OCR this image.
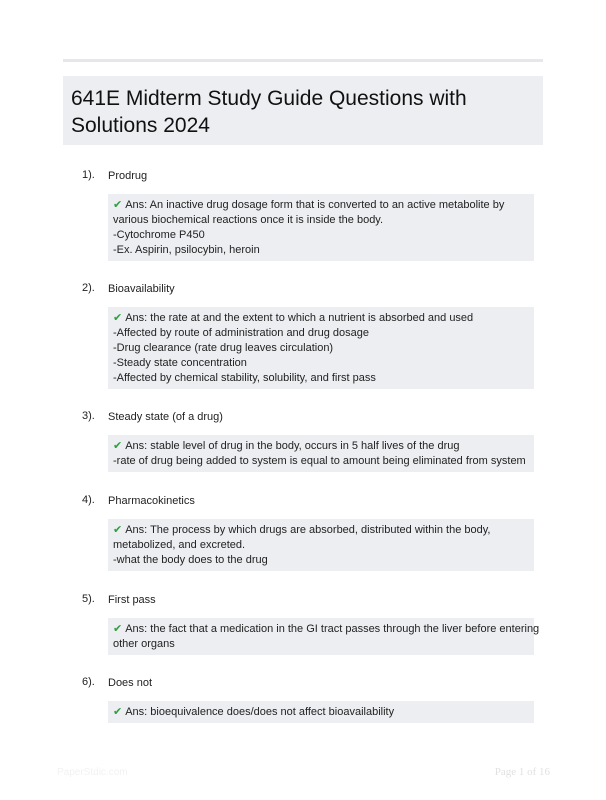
641E Midterm Study Guide Questions with
Solutions 2024
1). Prodrug
✔ Ans: An inactive drug dosage form that is converted to an active metabolite by
various biochemical reactions once it is inside the body.
-Cytochrome P450
-Ex. Aspirin, psilocybin, heroin
2). Bioavailability
✔ Ans: the rate at and the extent to which a nutrient is absorbed and used
-Affected by route of administration and drug dosage
-Drug clearance (rate drug leaves circulation)
-Steady state concentration
-Affected by chemical stability, solubility, and first pass
3). Steady state (of a drug)
✔ Ans: stable level of drug in the body, occurs in 5 half lives of the drug
-rate of drug being added to system is equal to amount being eliminated from system
4). Pharmacokinetics
✔ Ans: The process by which drugs are absorbed, distributed within the body,
metabolized, and excreted.
-what the body does to the drug
5). First pass
✔ Ans: the fact that a medication in the GI tract passes through the liver before entering
other organs
6). Does not
✔ Ans: bioequivalence does/does not affect bioavailability
PaperStdic.com	Page 1 of 16
